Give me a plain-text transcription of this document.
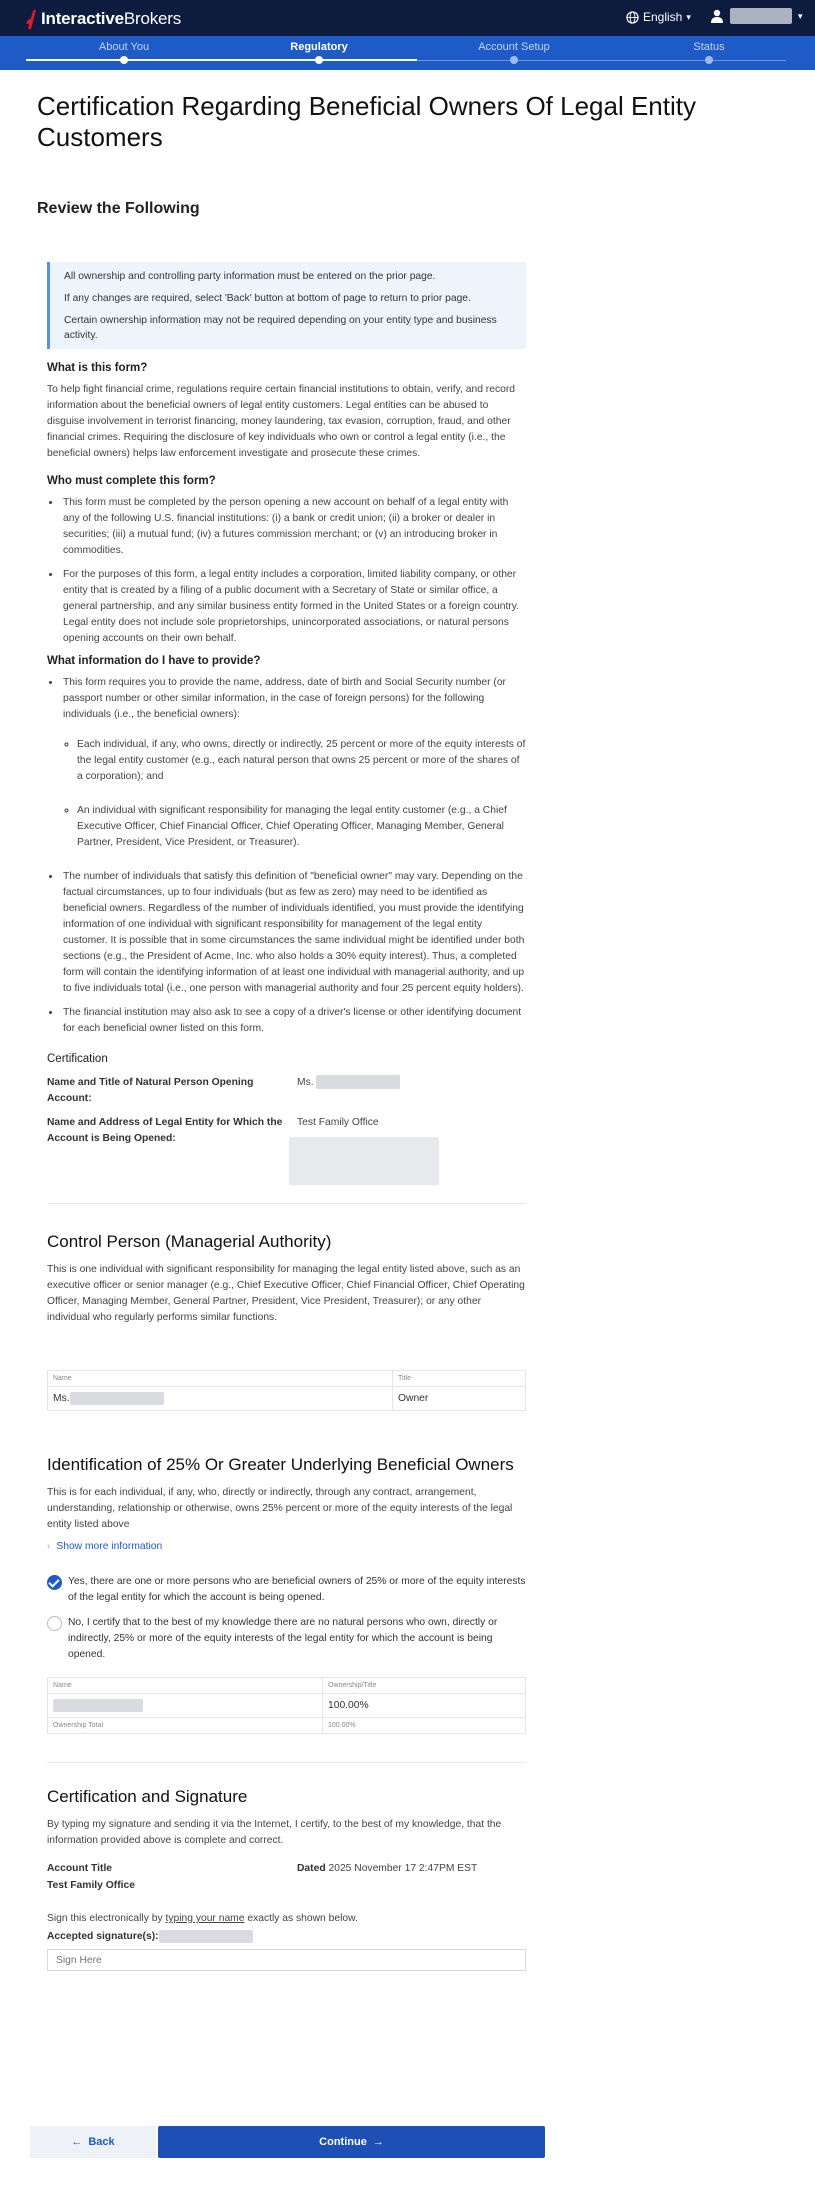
InteractiveBrokers	English ▾	▾
About You	Regulatory	Account Setup	Status
Certification Regarding Beneficial Owners Of Legal Entity Customers
Review the Following

All ownership and controlling party information must be entered on the prior page.

If any changes are required, select 'Back' button at bottom of page to return to prior page.

Certain ownership information may not be required depending on your entity type and business activity.

What is this form?

To help fight financial crime, regulations require certain financial institutions to obtain, verify, and record information about the beneficial owners of legal entity customers. Legal entities can be abused to disguise involvement in terrorist financing, money laundering, tax evasion, corruption, fraud, and other financial crimes. Requiring the disclosure of key individuals who own or control a legal entity (i.e., the beneficial owners) helps law enforcement investigate and prosecute these crimes.

Who must complete this form?
• This form must be completed by the person opening a new account on behalf of a legal entity with any of the following U.S. financial institutions: (i) a bank or credit union; (ii) a broker or dealer in securities; (iii) a mutual fund; (iv) a futures commission merchant; or (v) an introducing broker in commodities.
• For the purposes of this form, a legal entity includes a corporation, limited liability company, or other entity that is created by a filing of a public document with a Secretary of State or similar office, a general partnership, and any similar business entity formed in the United States or a foreign country. Legal entity does not include sole proprietorships, unincorporated associations, or natural persons opening accounts on their own behalf.
What information do I have to provide?
• This form requires you to provide the name, address, date of birth and Social Security number (or passport number or other similar information, in the case of foreign persons) for the following individuals (i.e., the beneficial owners):
◦ Each individual, if any, who owns, directly or indirectly, 25 percent or more of the equity interests of the legal entity customer (e.g., each natural person that owns 25 percent or more of the shares of a corporation); and
◦ An individual with significant responsibility for managing the legal entity customer (e.g., a Chief Executive Officer, Chief Financial Officer, Chief Operating Officer, Managing Member, General Partner, President, Vice President, or Treasurer).
• The number of individuals that satisfy this definition of "beneficial owner" may vary. Depending on the factual circumstances, up to four individuals (but as few as zero) may need to be identified as beneficial owners. Regardless of the number of individuals identified, you must provide the identifying information of one individual with significant responsibility for management of the legal entity customer. It is possible that in some circumstances the same individual might be identified under both sections (e.g., the President of Acme, Inc. who also holds a 30% equity interest). Thus, a completed form will contain the identifying information of at least one individual with managerial authority, and up to five individuals total (i.e., one person with managerial authority and four 25 percent equity holders).
• The financial institution may also ask to see a copy of a driver's license or other identifying document for each beneficial owner listed on this form.
Certification
Name and Title of Natural Person Opening Account:
Ms.
Name and Address of Legal Entity for Which the Account is Being Opened:
Test Family Office
Control Person (Managerial Authority)

This is one individual with significant responsibility for managing the legal entity listed above, such as an executive officer or senior manager (e.g., Chief Executive Officer, Chief Financial Officer, Chief Operating Officer, Managing Member, General Partner, President, Vice President, Treasurer); or any other individual who regularly performs similar functions.

Name	Title
Ms.	Owner
Identification of 25% Or Greater Underlying Beneficial Owners

This is for each individual, if any, who, directly or indirectly, through any contract, arrangement, understanding, relationship or otherwise, owns 25% percent or more of the equity interests of the legal entity listed above

› Show more information
Yes, there are one or more persons who are beneficial owners of 25% or more of the equity interests of the legal entity for which the account is being opened.
No, I certify that to the best of my knowledge there are no natural persons who own, directly or indirectly, 25% or more of the equity interests of the legal entity for which the account is being opened.
Name	Ownership/Title
	100.00%
Ownership Total	100.00%
Certification and Signature

By typing my signature and sending it via the Internet, I certify, to the best of my knowledge, that the information provided above is complete and correct.

Account Title	Dated 2025 November 17 2:47PM EST
Test Family Office
Sign this electronically by typing your name exactly as shown below.
Accepted signature(s):
Sign Here
← Back	Continue →
